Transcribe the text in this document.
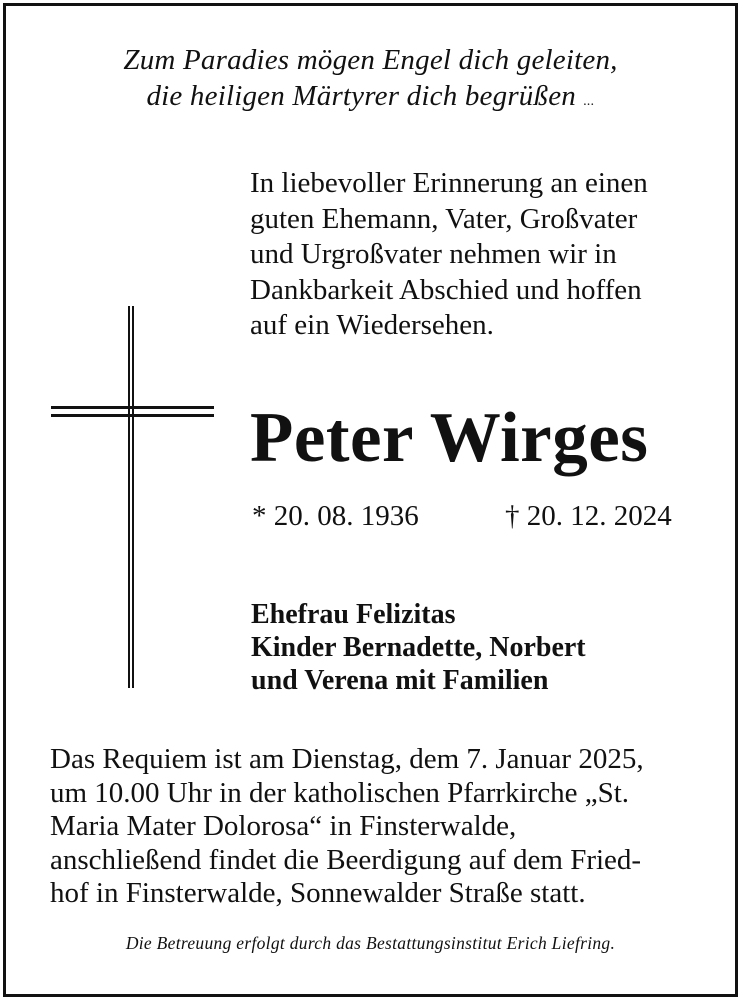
Zum Paradies mögen Engel dich geleiten,
die heiligen Märtyrer dich begrüßen ...
In liebevoller Erinnerung an einen
guten Ehemann, Vater, Großvater
und Urgroßvater nehmen wir in
Dankbarkeit Abschied und hoffen
auf ein Wiedersehen.
Peter Wirges
* 20. 08. 1936	† 20. 12. 2024
Ehefrau Felizitas
Kinder Bernadette, Norbert
und Verena mit Familien
Das Requiem ist am Dienstag, dem 7. Januar 2025,
um 10.00 Uhr in der katholischen Pfarrkirche „St.
Maria Mater Dolorosa“ in Finsterwalde,
anschließend findet die Beerdigung auf dem Fried-
hof in Finsterwalde, Sonnewalder Straße statt.
Die Betreuung erfolgt durch das Bestattungsinstitut Erich Liefring.
